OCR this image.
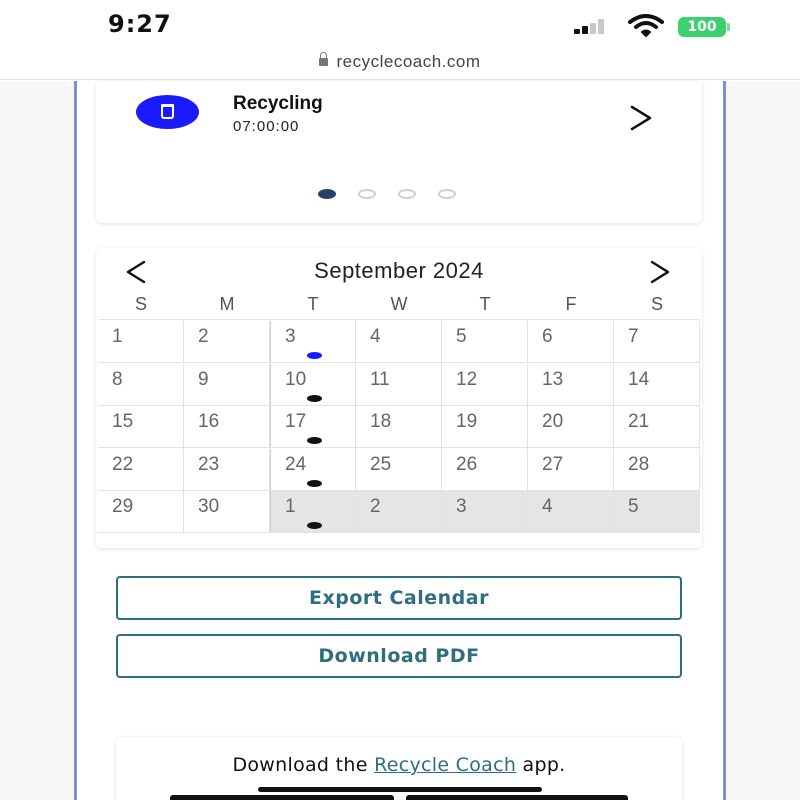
9:27	100
recyclecoach.com
Recycling
07:00:00
September 2024
S	M	T	W	T	F	S
1	2	3	4	5	6	7
8	9	10	11	12	13	14
15	16	17	18	19	20	21
22	23	24	25	26	27	28
29	30	1	2	3	4	5
Export Calendar
Download PDF
Download the Recycle Coach app.
